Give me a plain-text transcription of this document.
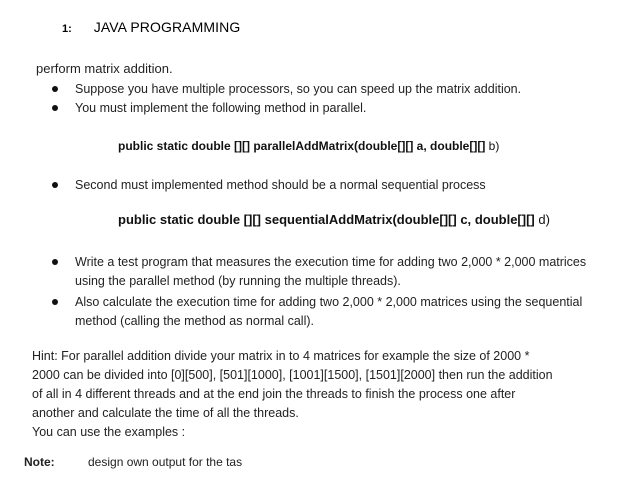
1: JAVA PROGRAMMING
perform matrix addition.
Suppose you have multiple processors, so you can speed up the matrix addition.
You must implement the following method in parallel.
public static double [][] parallelAddMatrix(double[][] a, double[][] b)
Second must implemented method should be a normal sequential process
public static double [][] sequentialAddMatrix(double[][] c, double[][] d)
Write a test program that measures the execution time for adding two 2,000 * 2,000 matrices using the parallel method (by running the multiple threads).
Also calculate the execution time for adding two 2,000 * 2,000 matrices using the sequential method (calling the method as normal call).
Hint: For parallel addition divide your matrix in to 4 matrices for example the size of 2000 *
2000 can be divided into [0][500], [501][1000], [1001][1500], [1501][2000] then run the addition
of all in 4 different threads and at the end join the threads to finish the process one after
another and calculate the time of all the threads.
You can use the examples :
Note:	design own output for the tas
